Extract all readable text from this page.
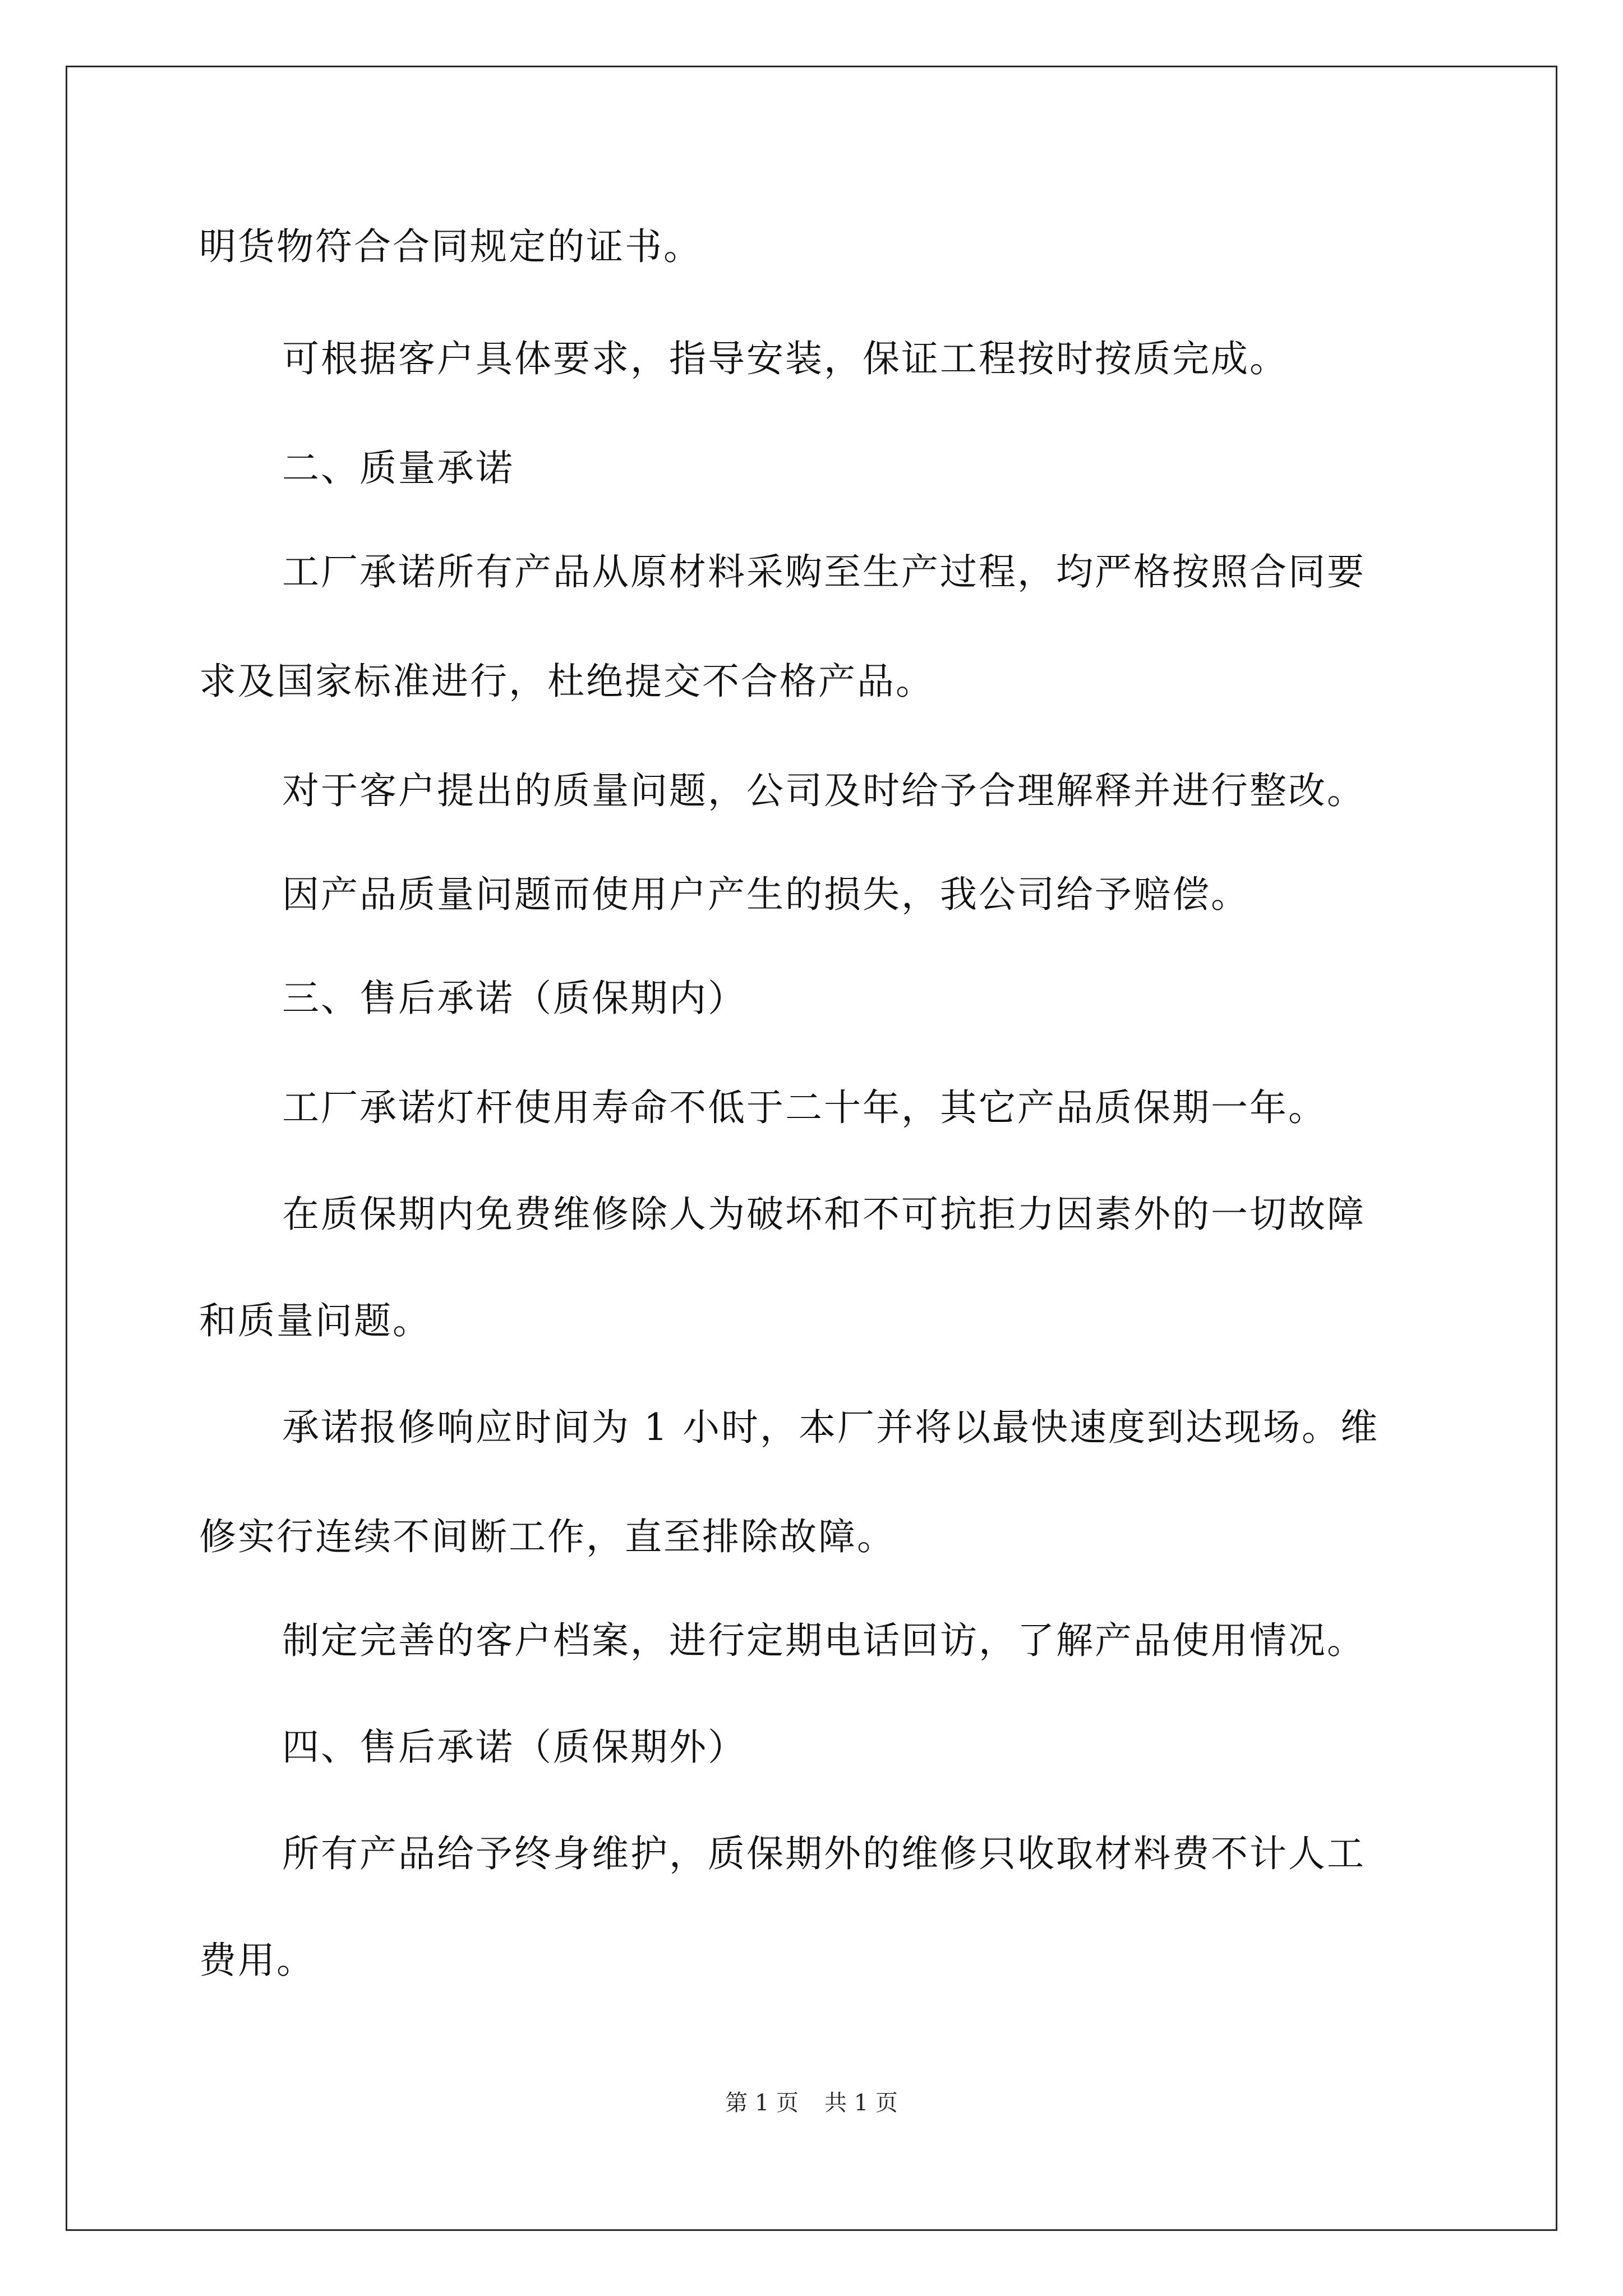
明货物符合合同规定的证书。
可根据客户具体要求，指导安装，保证工程按时按质完成。
二、质量承诺
工厂承诺所有产品从原材料采购至生产过程，均严格按照合同要
求及国家标准进行，杜绝提交不合格产品。
对于客户提出的质量问题，公司及时给予合理解释并进行整改。
因产品质量问题而使用户产生的损失，我公司给予赔偿。
三、售后承诺（质保期内）
工厂承诺灯杆使用寿命不低于二十年，其它产品质保期一年。
在质保期内免费维修除人为破坏和不可抗拒力因素外的一切故障
和质量问题。
承诺报修响应时间为 1 小时，本厂并将以最快速度到达现场。维
修实行连续不间断工作，直至排除故障。
制定完善的客户档案，进行定期电话回访，了解产品使用情况。
四、售后承诺（质保期外）
所有产品给予终身维护，质保期外的维修只收取材料费不计人工
费用。
第 1 页 共 1 页
